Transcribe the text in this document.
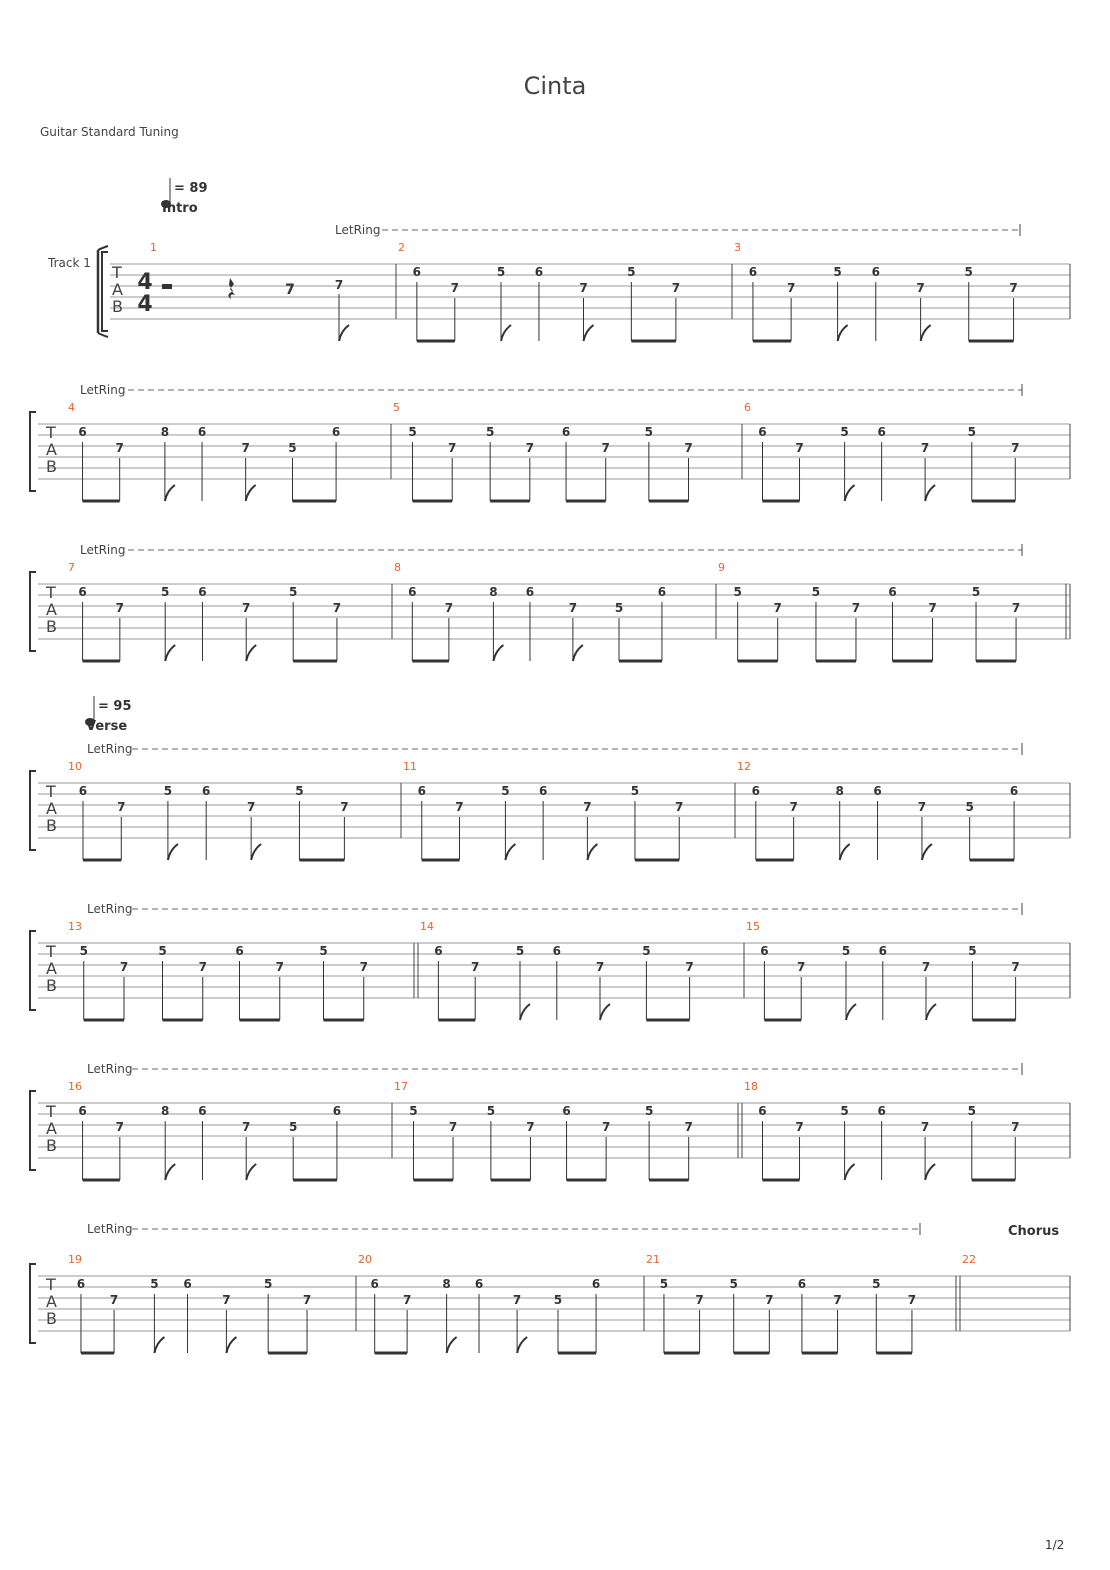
Cinta
Guitar Standard Tuning
1/2
Track 1 T
A
B
4
4
LetRing
1
7	7
2
6
7
5 6
7
5
7
3
6
7
5 6
7
5
7
T
A
B
LetRing
4
6
7
8 6
7	5
6
5
5
7
5
7
6
7
5
7
6
6
7
5 6
7
5
7
T
A
B
LetRing
7
6
7
5 6
7
5
7
8
6
7
8 6
7	5
6
9
5
7
5
7
6
7
5
7
T
A
B
LetRing
10
6
7
5 6
7
5
7
11
6
7
5 6
7
5
7
12
6
7
8 6
7	5
6
T
A
B
LetRing
13
5
7
5
7
6
7
5
7
14
6
7
5 6
7
5
7
15
6
7
5 6
7
5
7
T
A
B
LetRing
16
6
7
8 6
7	5
6
17
5
7
5
7
6
7
5
7
18
6
7
5 6
7
5
7
T
A
B
LetRing
19
6
7
5 6
7
5
7
20
6
7
8 6
7	5
6
21
5
7
5
7
6
7
5
7
22
= 89
Intro
= 95
Verse
Chorus
